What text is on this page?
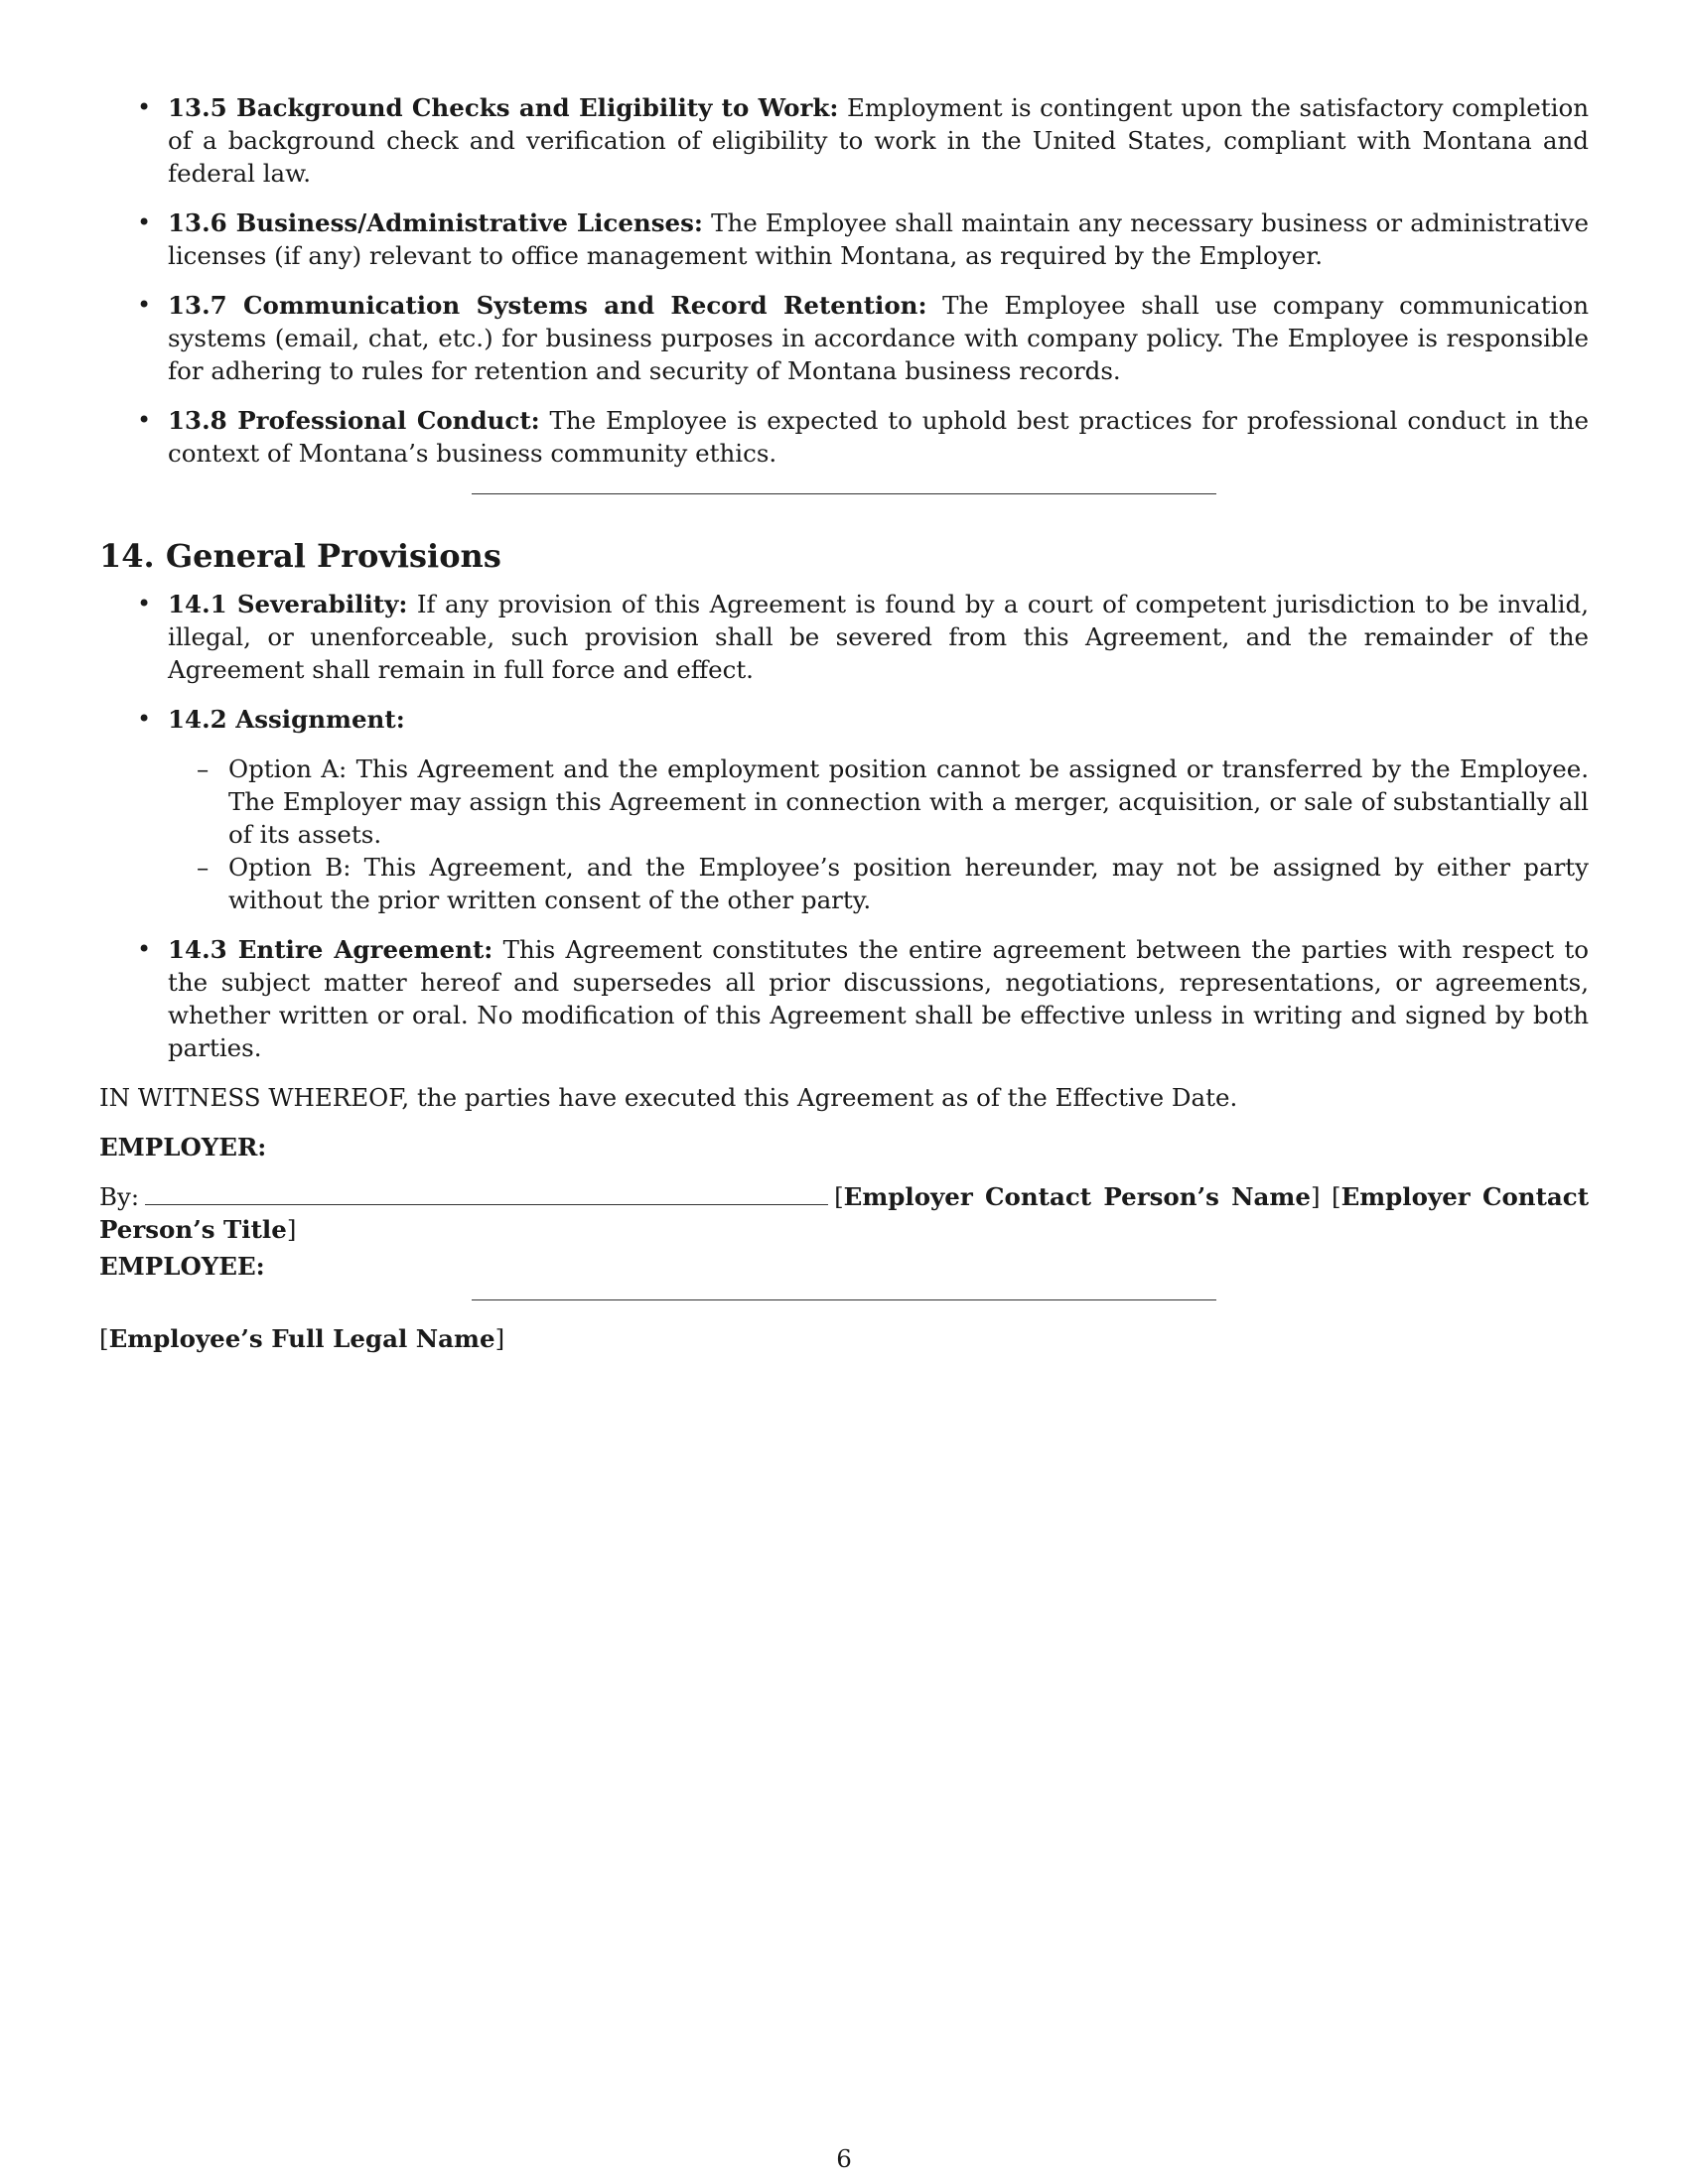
• 13.5 Background Checks and Eligibility to Work: Employment is contingent upon the satisfactory completion of a background check and verification of eligibility to work in the United States, compliant with Montana and federal law.
• 13.6 Business/Administrative Licenses: The Employee shall maintain any necessary business or administrative licenses (if any) relevant to office management within Montana, as required by the Employer.
• 13.7 Communication Systems and Record Retention: The Employee shall use company communication systems (email, chat, etc.) for business purposes in accordance with company policy. The Employee is responsible for adhering to rules for retention and security of Montana business records.
• 13.8 Professional Conduct: The Employee is expected to uphold best practices for professional conduct in the context of Montana’s business community ethics.
14. General Provisions
• 14.1 Severability: If any provision of this Agreement is found by a court of competent jurisdiction to be invalid, illegal, or unenforceable, such provision shall be severed from this Agreement, and the remainder of the Agreement shall remain in full force and effect.
• 14.2 Assignment:
– Option A: This Agreement and the employment position cannot be assigned or transferred by the Employee. The Employer may assign this Agreement in connection with a merger, acquisition, or sale of substantially all of its assets.
– Option B: This Agreement, and the Employee’s position hereunder, may not be assigned by either party without the prior written consent of the other party.
• 14.3 Entire Agreement: This Agreement constitutes the entire agreement between the parties with respect to the subject matter hereof and supersedes all prior discussions, negotiations, representations, or agreements, whether written or oral. No modification of this Agreement shall be effective unless in writing and signed by both parties.

IN WITNESS WHEREOF, the parties have executed this Agreement as of the Effective Date.

EMPLOYER:

By:	[Employer Contact Person’s Name] [Employer Contact Person’s Title]

EMPLOYEE:

[Employee’s Full Legal Name]

6
